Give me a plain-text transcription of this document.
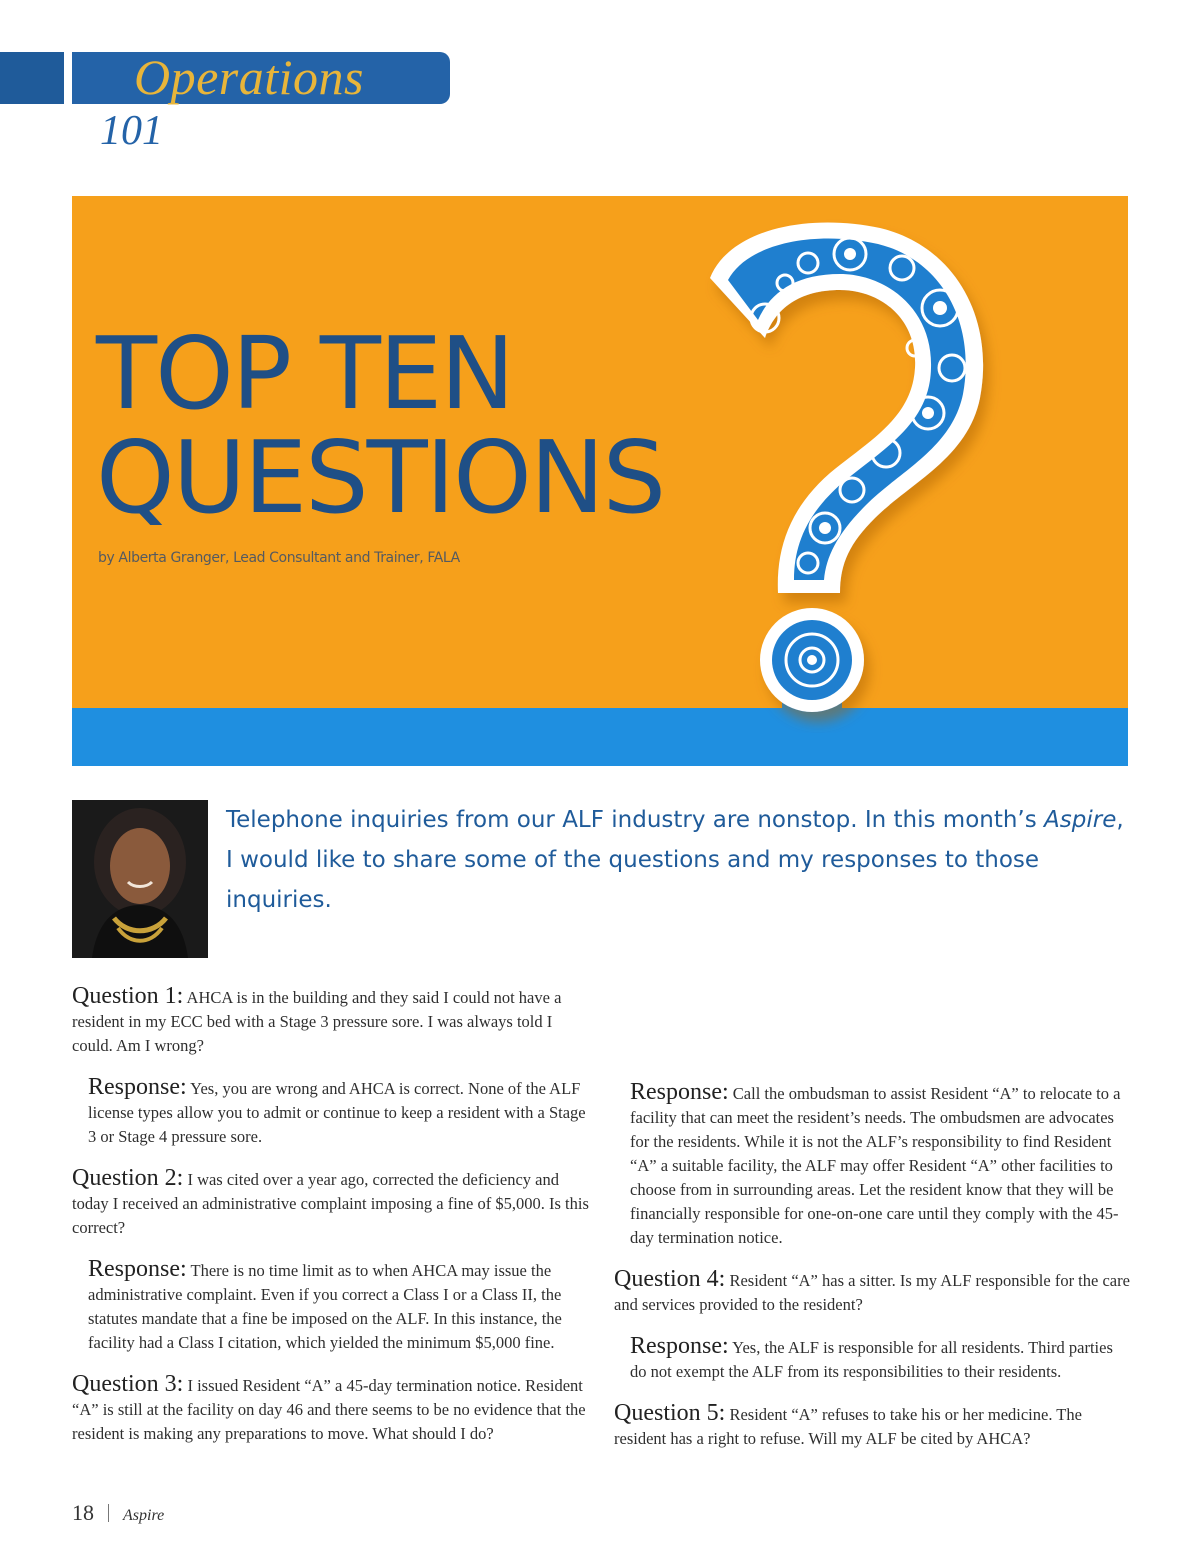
Operations
101
TOP TEN
QUESTIONS
by Alberta Granger, Lead Consultant and Trainer, FALA
Telephone inquiries from our ALF industry are nonstop. In this month’s Aspire, I would like to share some of the questions and my responses to those inquiries.

Question 1: AHCA is in the building and they said I could not have a resident in my ECC bed with a Stage 3 pressure sore. I was always told I could. Am I wrong?

Response: Yes, you are wrong and AHCA is correct. None of the ALF license types allow you to admit or continue to keep a resident with a Stage 3 or Stage 4 pressure sore.

Question 2: I was cited over a year ago, corrected the deficiency and today I received an administrative complaint imposing a fine of $5,000. Is this correct?

Response: There is no time limit as to when AHCA may issue the administrative complaint. Even if you correct a Class I or a Class II, the statutes mandate that a fine be imposed on the ALF. In this instance, the facility had a Class I citation, which yielded the minimum $5,000 fine.

Question 3: I issued Resident “A” a 45-day termination notice. Resident “A” is still at the facility on day 46 and there seems to be no evidence that the resident is making any preparations to move. What should I do?

Response: Call the ombudsman to assist Resident “A” to relocate to a facility that can meet the resident’s needs. The ombudsmen are advocates for the residents. While it is not the ALF’s responsibility to find Resident “A” a suitable facility, the ALF may offer Resident “A” other facilities to choose from in surrounding areas. Let the resident know that they will be financially responsible for one-on-one care until they comply with the 45-day termination notice.

Question 4: Resident “A” has a sitter. Is my ALF responsible for the care and services provided to the resident?

Response: Yes, the ALF is responsible for all residents. Third parties do not exempt the ALF from its responsibilities to their residents.

Question 5: Resident “A” refuses to take his or her medicine. The resident has a right to refuse. Will my ALF be cited by AHCA?

18 Aspire
